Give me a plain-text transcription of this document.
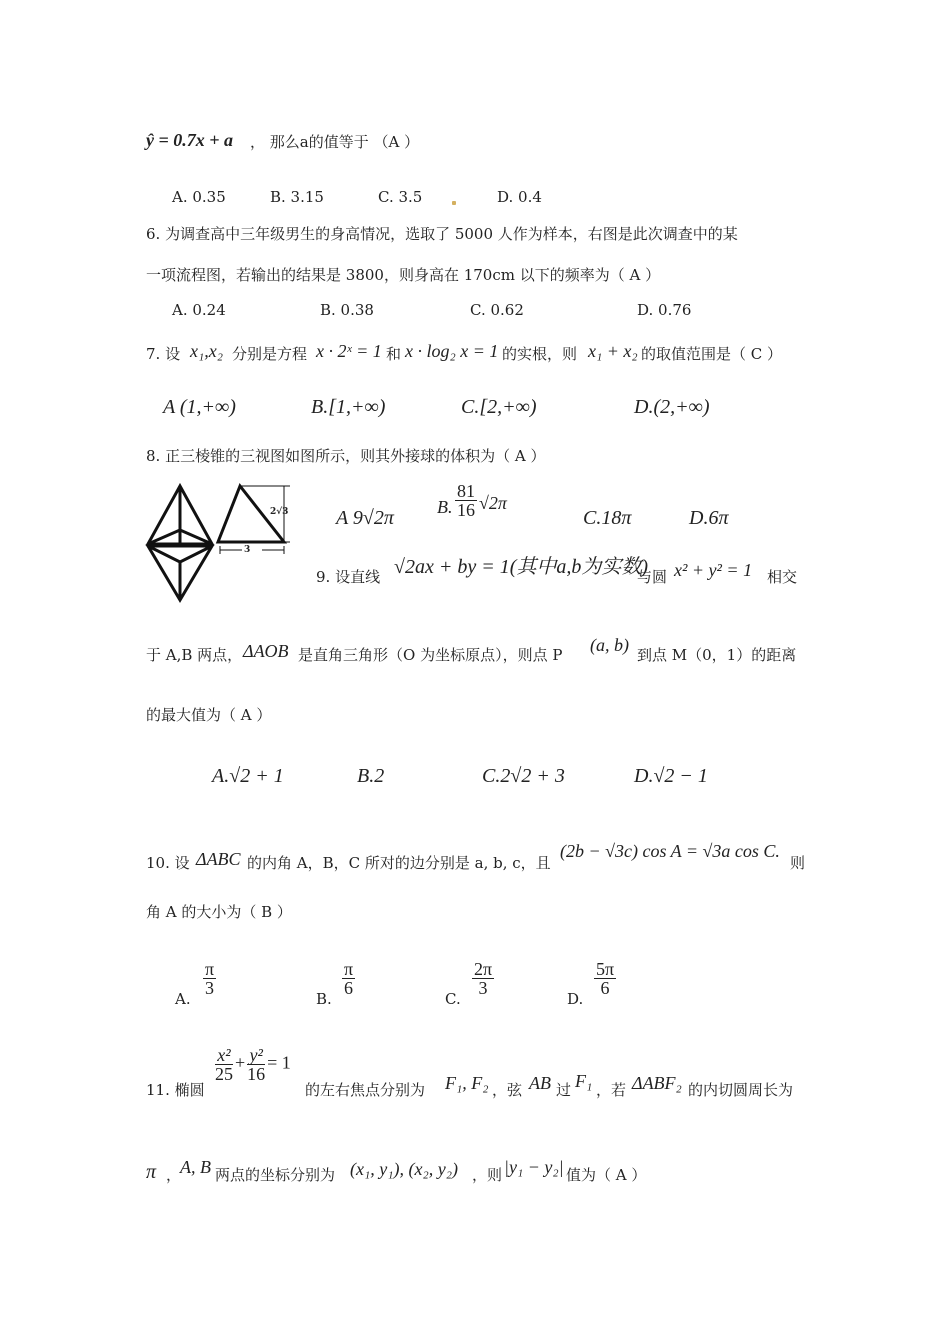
ŷ = 0.7x + a ， 那么a的值等于 （A ）
A. 0.35	B. 3.15	C. 3.5	D. 0.4
6. 为调查高中三年级男生的身高情况，选取了 5000 人作为样本，右图是此次调查中的某
一项流程图，若输出的结果是 3800，则身高在 170cm 以下的频率为（ A ）
A. 0.24	B. 0.38	C. 0.62	D. 0.76
7. 设 x₁,x₂ 分别是方程 x · 2ˣ = 1 和 x · log₂ x = 1 的实根，则 x₁ + x₂ 的取值范围是（ C ）
A (1,+∞)	B.[1,+∞)	C.[2,+∞)	D.(2,+∞)
8. 正三棱锥的三视图如图所示，则其外接球的体积为（ A ）
2√3
3
A 9√2π B. $\frac{81}{16} √2\pi$
C.18π	D.6π
9. 设直线 √2ax + by = 1(其中a,b为实数)
与圆 x² + y² = 1 相交
于 A,B 两点， ΔAOB 是直角三角形（O 为坐标原点），则点 P (a, b) 到点 M（0，1）的距离
的最大值为（ A ）
A.√2 + 1	B.2	C.2√2 + 3	D.√2 − 1
10. 设 ΔABC 的内角 A，B，C 所对的边分别是 a, b, c，且
(2b − √3c) cos A = √3a cos C.
则
角 A 的大小为（ B ）
A.
$\frac{\pi}{3}$
B.
$\frac{\pi}{6}$
C.
$\frac{2\pi}{3}$
D.
$\frac{5\pi}{6}$
11. 椭圆
$\frac{\text{x²}}{25} + \frac{\text{y²}}{16} = 1$
的左右焦点分别为 F₁, F₂ ，弦 AB 过 F₁ ，若 ΔABF₂ 的内切圆周长为
π ，
A, B 两点的坐标分别为 (x₁, y₁), (x₂, y₂) ，则 |y₁ − y₂| 值为（ A ）
